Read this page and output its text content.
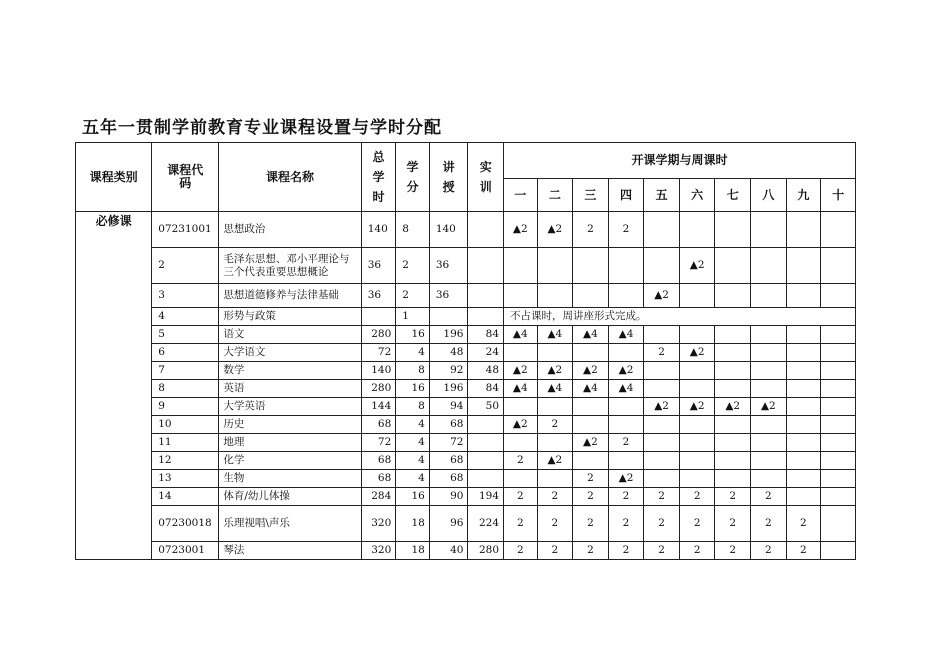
五年一贯制学前教育专业课程设置与学时分配
课程类别	课程代码	课程名称	总学时	学分	讲授	实训	开课学期与周课时									
							一	二	三	四	五	六	七	八	九	十
必修课	07231001	思想政治	140	8	140		▲2	▲2	2	2						
	2	毛泽东思想、邓小平理论与三个代表重要思想概论	36	2	36							▲2				
	3	思想道德修养与法律基础	36	2	36						▲2					
	4	形势与政策		1			不占课时，周讲座形式完成。									
	5	语文	280	16	196	84	▲4	▲4	▲4	▲4						
	6	大学语文	72	4	48	24					2	▲2				
	7	数学	140	8	92	48	▲2	▲2	▲2	▲2						
	8	英语	280	16	196	84	▲4	▲4	▲4	▲4						
	9	大学英语	144	8	94	50					▲2	▲2	▲2	▲2		
	10	历史	68	4	68		▲2	2								
	11	地理	72	4	72				▲2	2						
	12	化学	68	4	68		2	▲2								
	13	生物	68	4	68				2	▲2						
	14	体育/幼儿体操	284	16	90	194	2	2	2	2	2	2	2	2		
	07230018	乐理视唱\声乐	320	18	96	224	2	2	2	2	2	2	2	2	2	
	0723001	琴法	320	18	40	280	2	2	2	2	2	2	2	2	2	
